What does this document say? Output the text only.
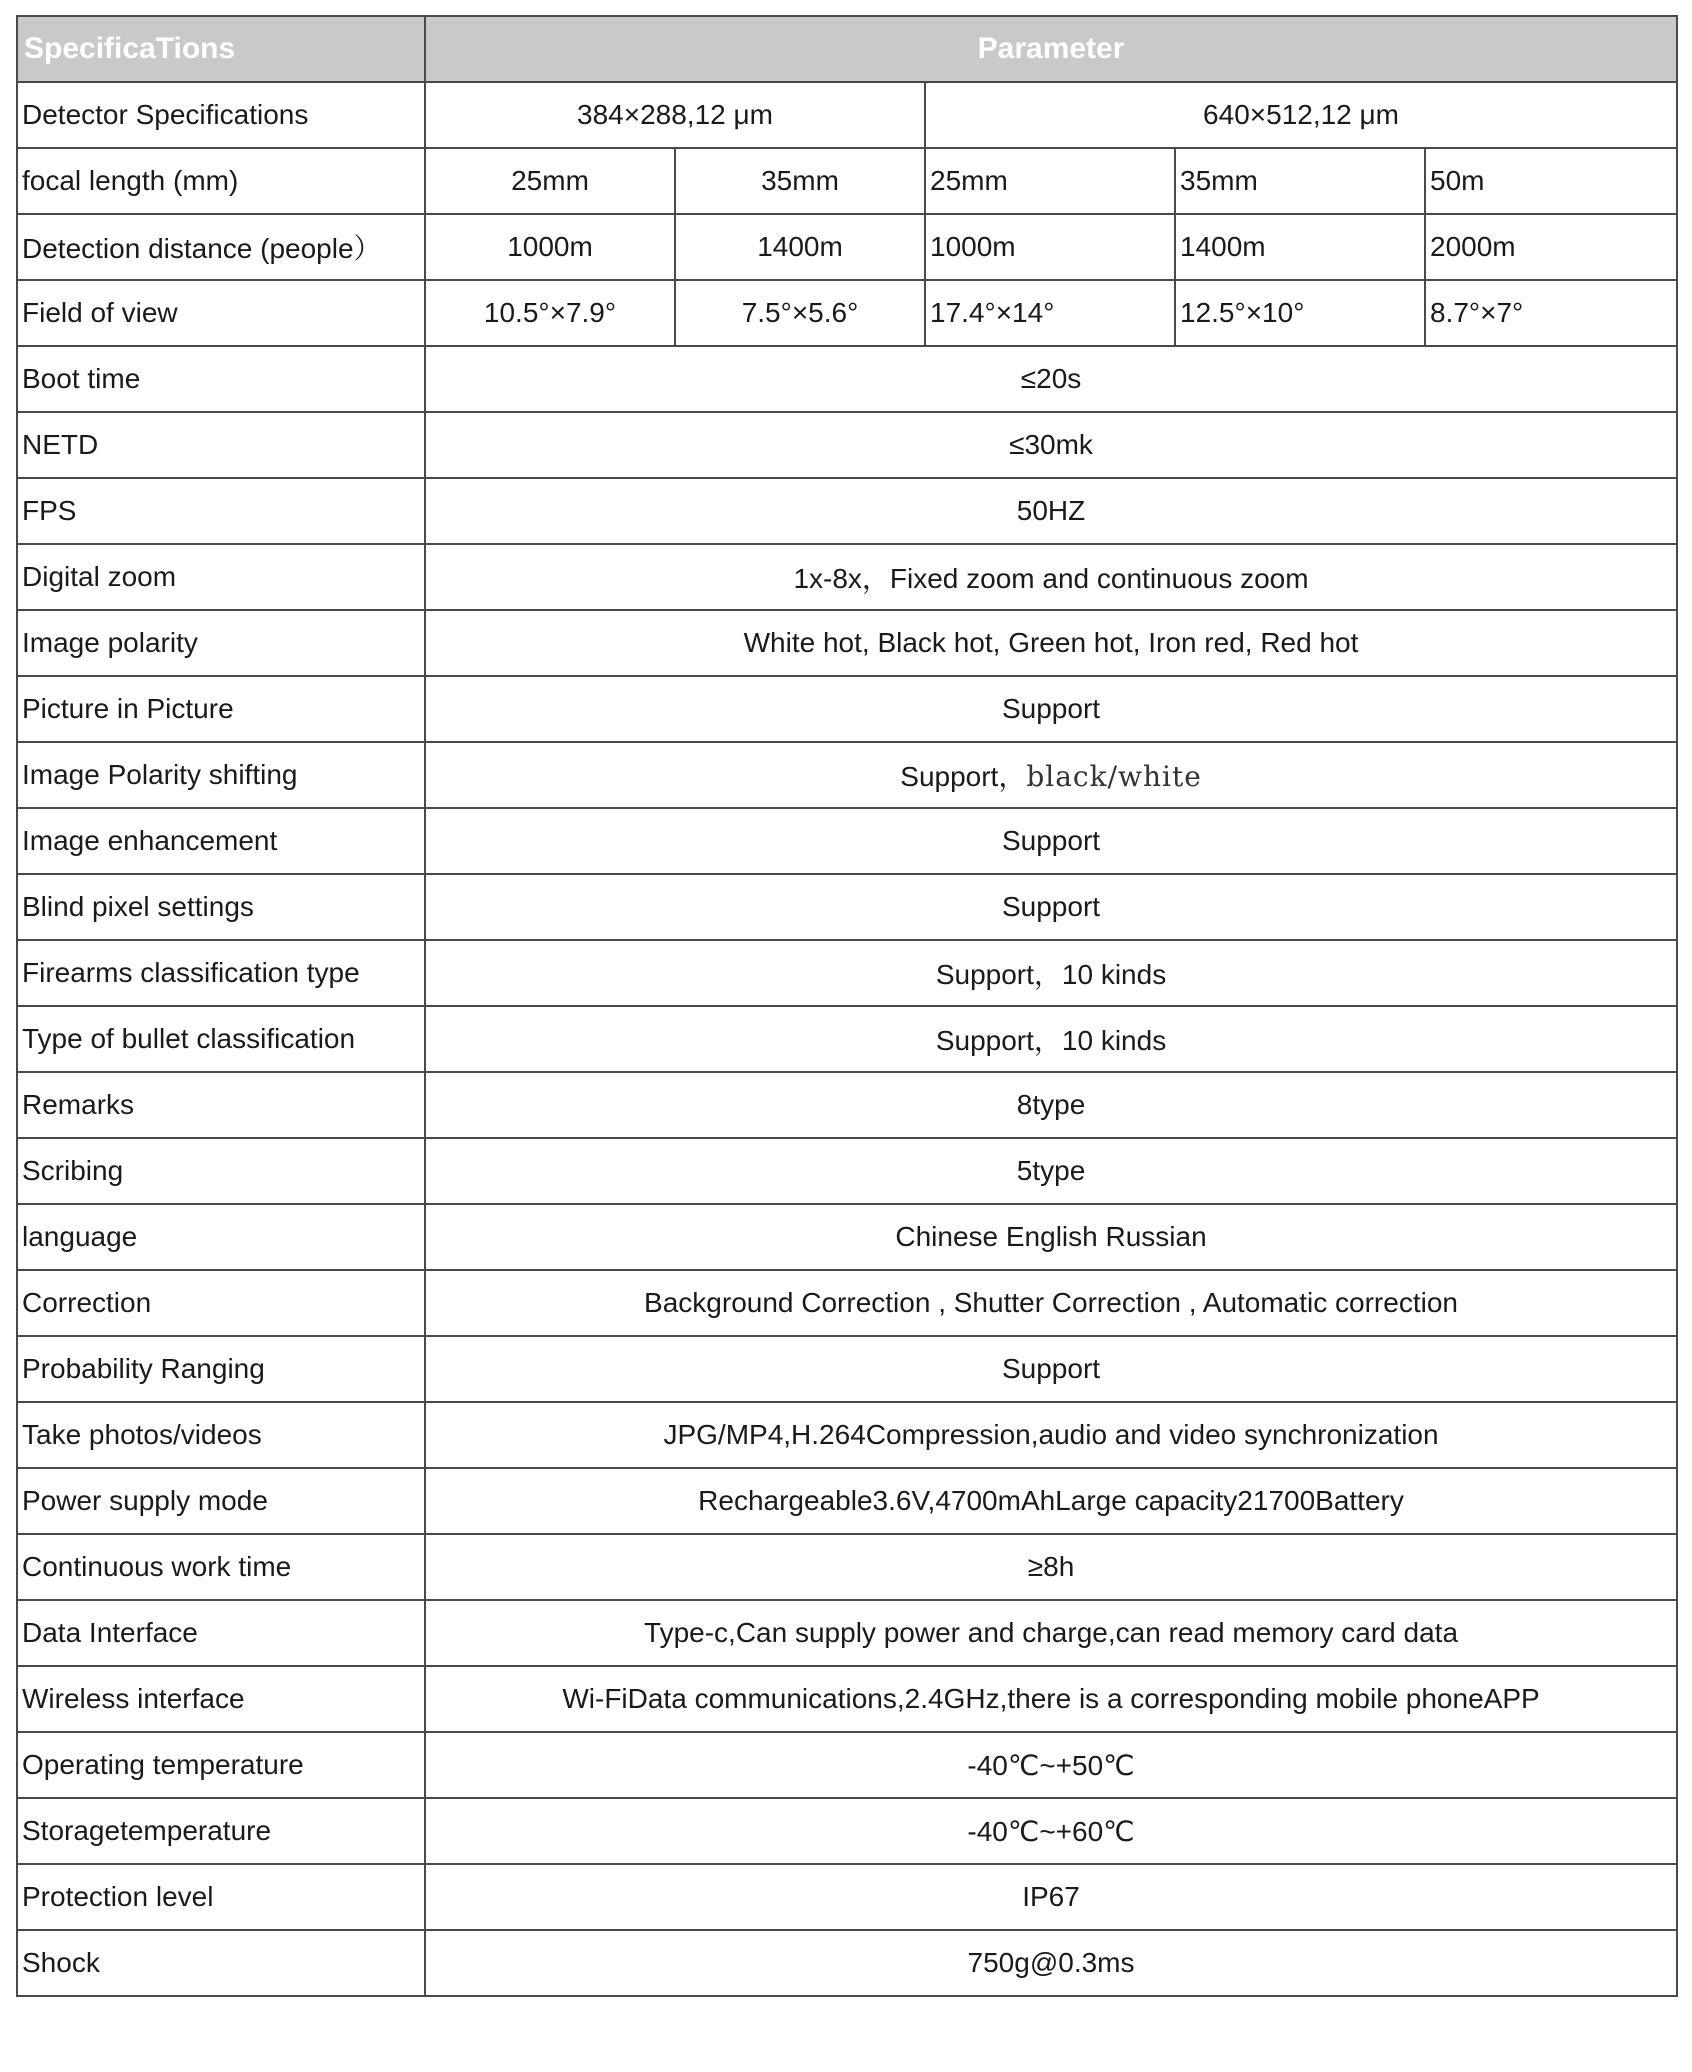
SpecificaTions	Parameter				
Detector Specifications	384×288,12 μm		640×512,12 μm		
focal length (mm)	25mm	35mm	25mm	35mm	50m
Detection distance (people）	1000m	1400m	1000m	1400m	2000m
Field of view	10.5°×7.9°	7.5°×5.6°	17.4°×14°	12.5°×10°	8.7°×7°
Boot time	≤20s				
NETD	≤30mk				
FPS	50HZ				
Digital zoom	1x-8x，Fixed zoom and continuous zoom				
Image polarity	White hot, Black hot, Green hot, Iron red, Red hot				
Picture in Picture	Support				
Image Polarity shifting	Support，black/white				
Image enhancement	Support				
Blind pixel settings	Support				
Firearms classification type	Support，10 kinds				
Type of bullet classification	Support，10 kinds				
Remarks	8type				
Scribing	5type				
language	Chinese English Russian				
Correction	Background Correction , Shutter Correction , Automatic correction				
Probability Ranging	Support				
Take photos/videos	JPG/MP4,H.264Compression,audio and video synchronization				
Power supply mode	Rechargeable3.6V,4700mAhLarge capacity21700Battery				
Continuous work time	≥8h				
Data Interface	Type-c,Can supply power and charge,can read memory card data				
Wireless interface	Wi-FiData communications,2.4GHz,there is a corresponding mobile phoneAPP				
Operating temperature	-40℃~+50℃				
Storagetemperature	-40℃~+60℃				
Protection level	IP67				
Shock	750g@0.3ms				
